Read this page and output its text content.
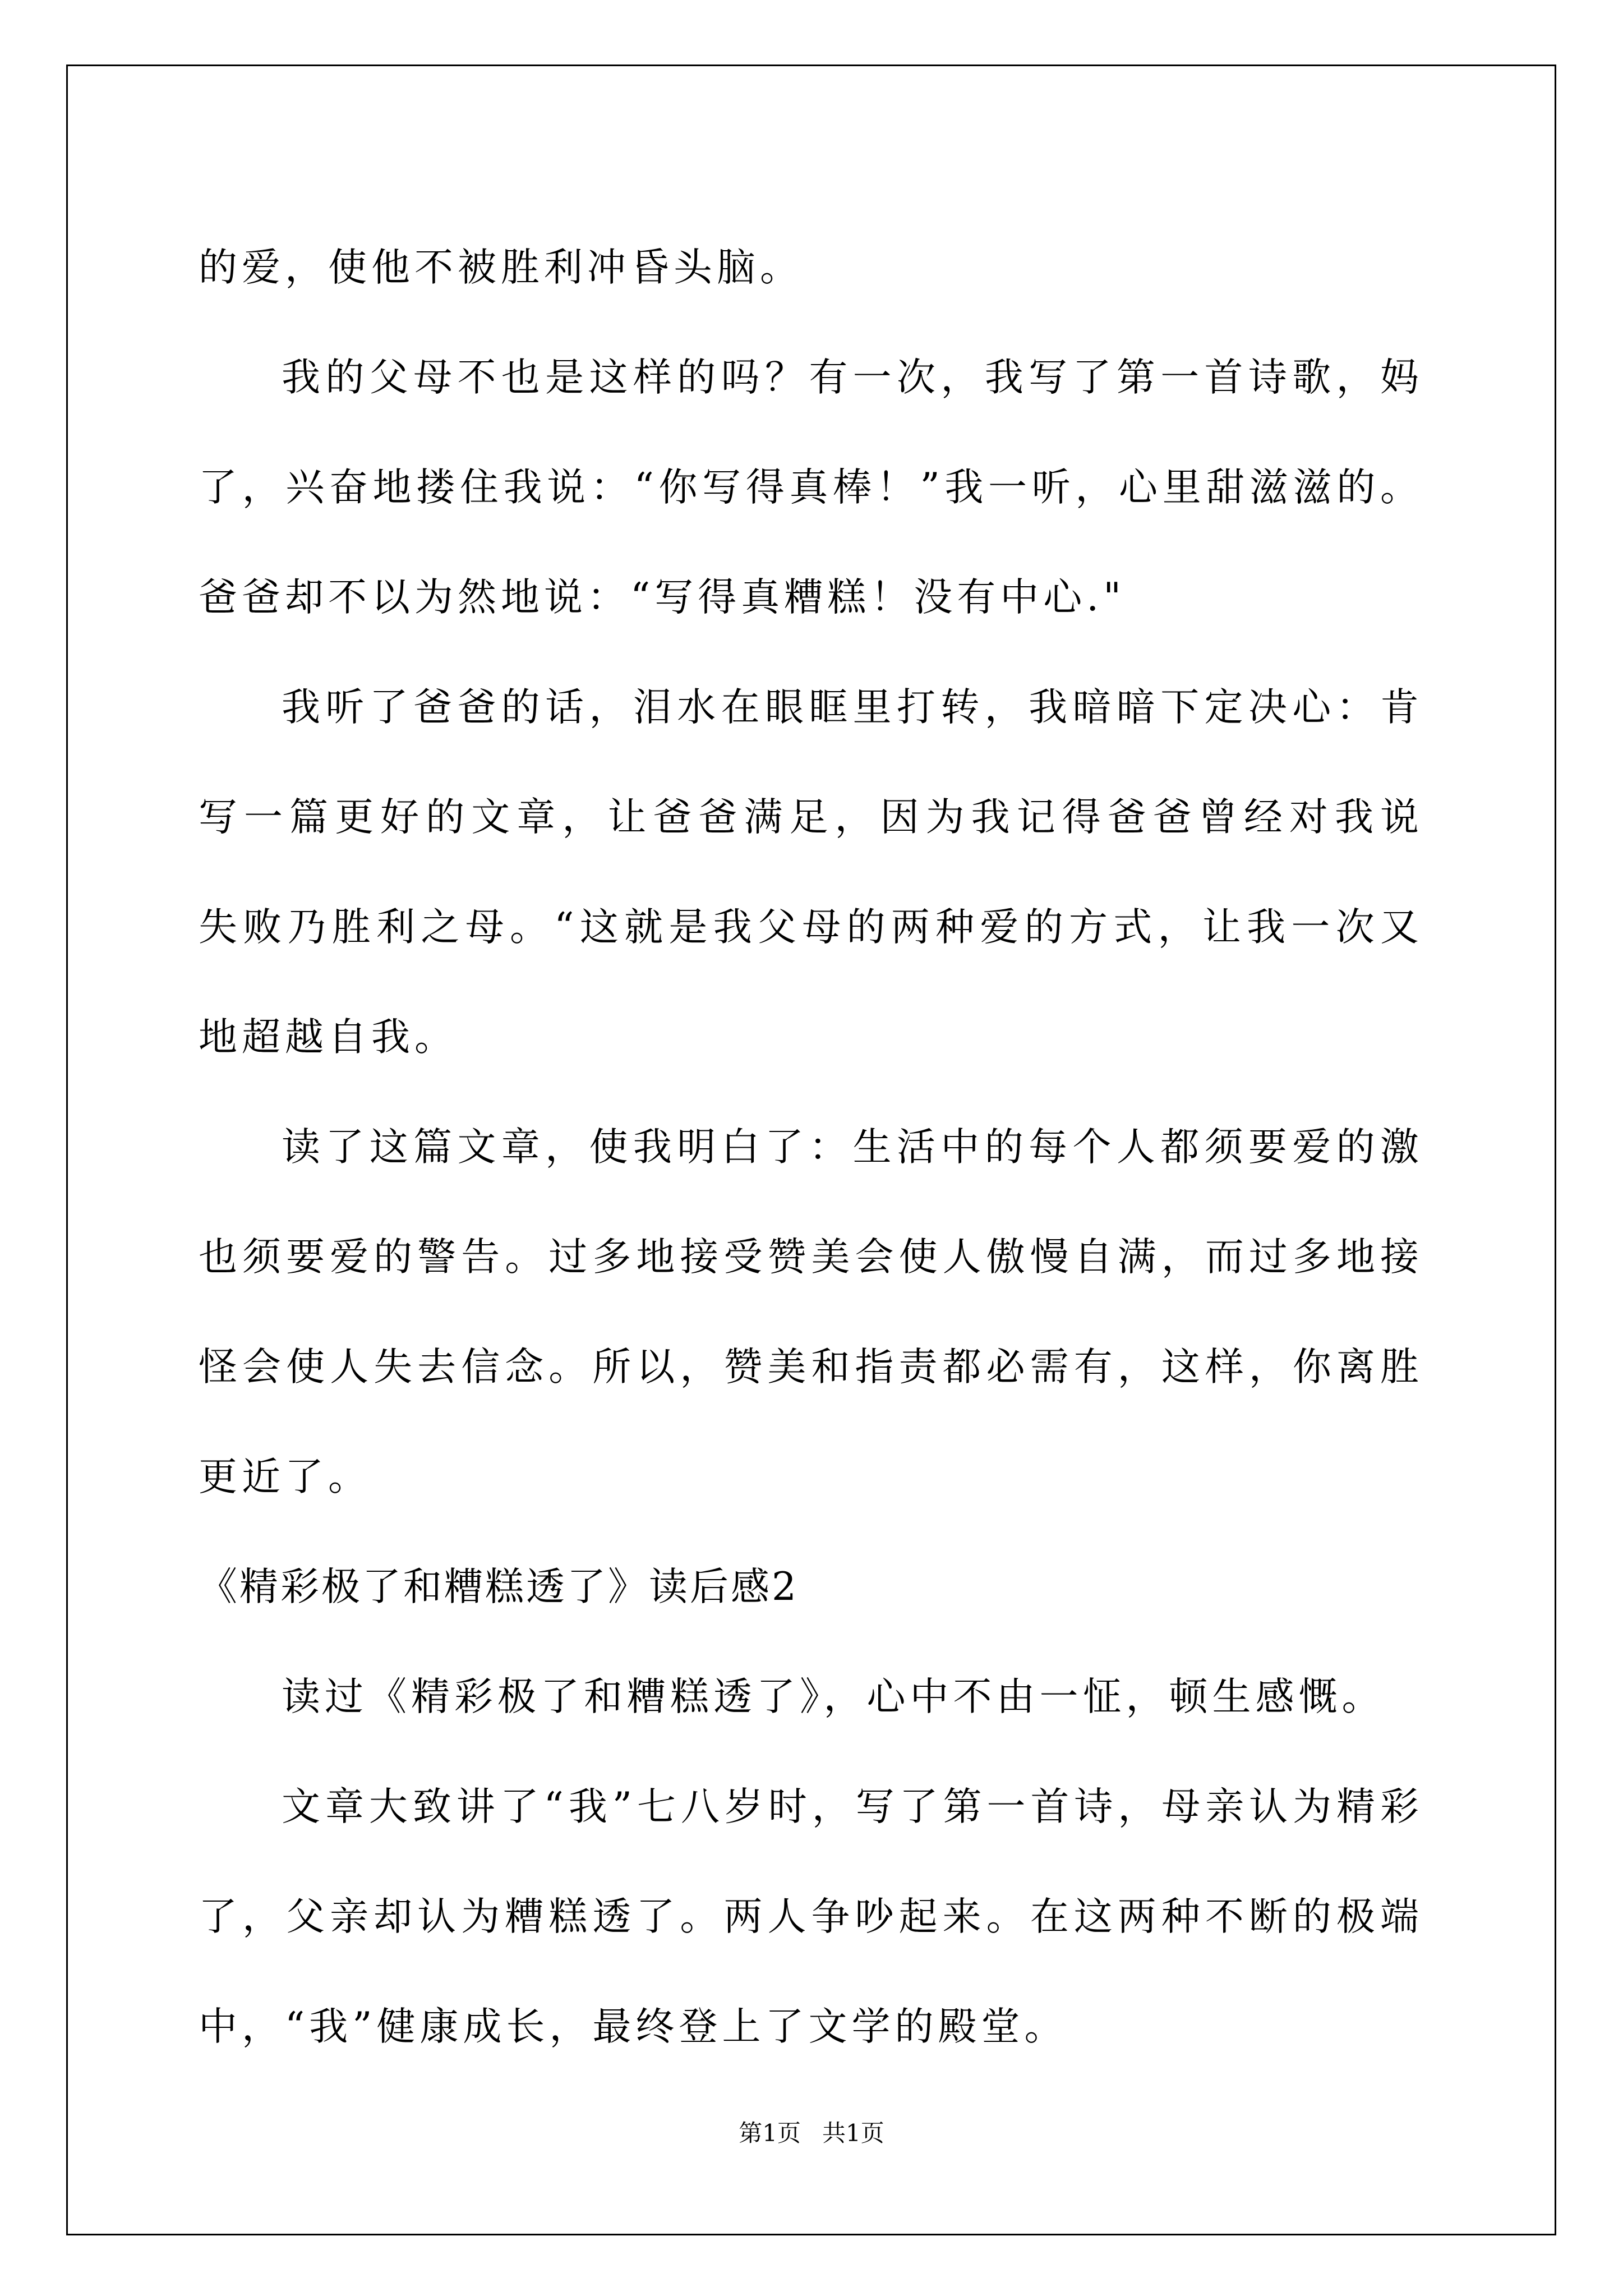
的爱，使他不被胜利冲昏头脑。
我的父母不也是这样的吗？有一次，我写了第一首诗歌，妈
了，兴奋地搂住我说：“你写得真棒！”我一听，心里甜滋滋的。
爸爸却不以为然地说：“写得真糟糕！没有中心."
我听了爸爸的话，泪水在眼眶里打转，我暗暗下定决心：肯
写一篇更好的文章，让爸爸满足，因为我记得爸爸曾经对我说
失败乃胜利之母。“这就是我父母的两种爱的方式，让我一次又
地超越自我。
读了这篇文章，使我明白了：生活中的每个人都须要爱的激
也须要爱的警告。过多地接受赞美会使人傲慢自满，而过多地接
怪会使人失去信念。所以，赞美和指责都必需有，这样，你离胜
更近了。
《精彩极了和糟糕透了》读后感2
读过《精彩极了和糟糕透了》，心中不由一怔，顿生感慨。
文章大致讲了“我”七八岁时，写了第一首诗，母亲认为精彩
了，父亲却认为糟糕透了。两人争吵起来。在这两种不断的极端
中，“我”健康成长，最终登上了文学的殿堂。
第1页 共1页
